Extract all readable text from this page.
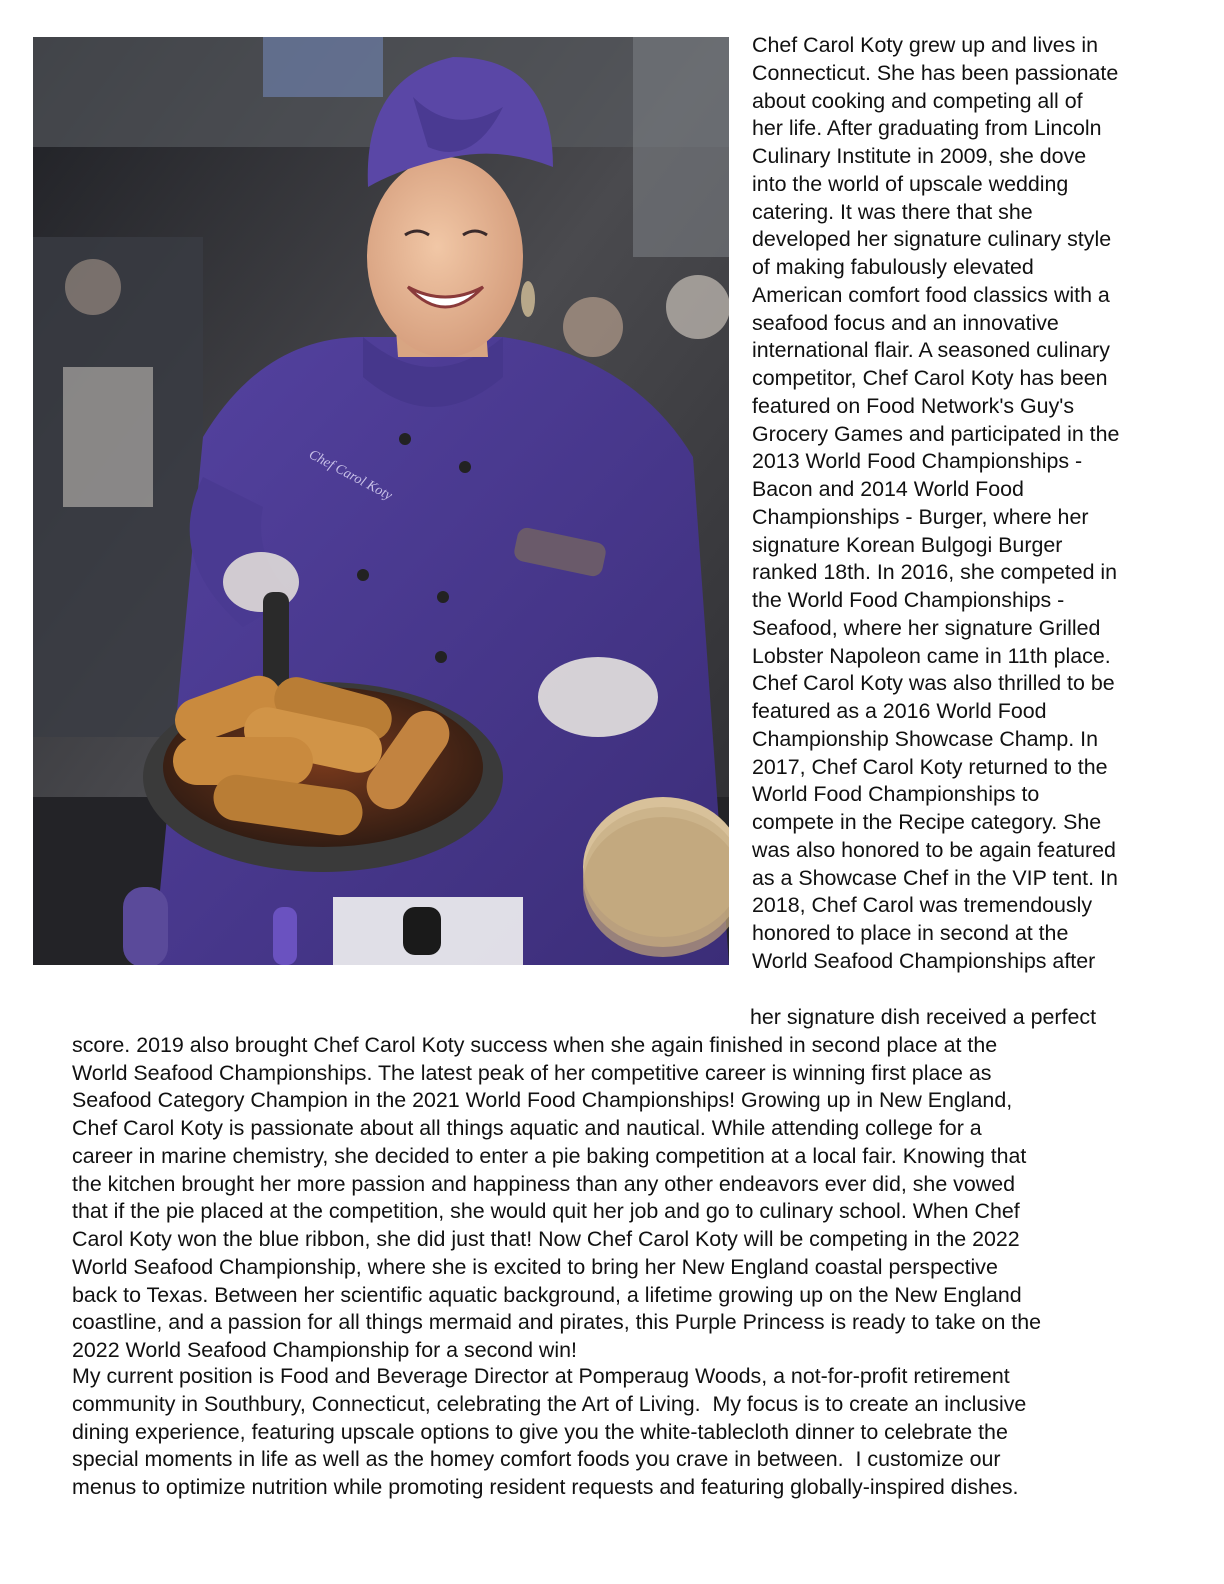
Chef Carol Koty

Chef Carol Koty grew up and lives in
Connecticut. She has been passionate
about cooking and competing all of
her life. After graduating from Lincoln
Culinary Institute in 2009, she dove
into the world of upscale wedding
catering. It was there that she
developed her signature culinary style
of making fabulously elevated
American comfort food classics with a
seafood focus and an innovative
international flair. A seasoned culinary
competitor, Chef Carol Koty has been
featured on Food Network's Guy's
Grocery Games and participated in the
2013 World Food Championships -
Bacon and 2014 World Food
Championships - Burger, where her
signature Korean Bulgogi Burger
ranked 18th. In 2016, she competed in
the World Food Championships -
Seafood, where her signature Grilled
Lobster Napoleon came in 11th place.
Chef Carol Koty was also thrilled to be
featured as a 2016 World Food
Championship Showcase Champ. In
2017, Chef Carol Koty returned to the
World Food Championships to
compete in the Recipe category. She
was also honored to be again featured
as a Showcase Chef in the VIP tent. In
2018, Chef Carol was tremendously
honored to place in second at the
World Seafood Championships after

her signature dish received a perfect
score. 2019 also brought Chef Carol Koty success when she again finished in second place at the
World Seafood Championships. The latest peak of her competitive career is winning first place as
Seafood Category Champion in the 2021 World Food Championships! Growing up in New England,
Chef Carol Koty is passionate about all things aquatic and nautical. While attending college for a
career in marine chemistry, she decided to enter a pie baking competition at a local fair. Knowing that
the kitchen brought her more passion and happiness than any other endeavors ever did, she vowed
that if the pie placed at the competition, she would quit her job and go to culinary school. When Chef
Carol Koty won the blue ribbon, she did just that! Now Chef Carol Koty will be competing in the 2022
World Seafood Championship, where she is excited to bring her New England coastal perspective
back to Texas. Between her scientific aquatic background, a lifetime growing up on the New England
coastline, and a passion for all things mermaid and pirates, this Purple Princess is ready to take on the
2022 World Seafood Championship for a second win!

My current position is Food and Beverage Director at Pomperaug Woods, a not-for-profit retirement
community in Southbury, Connecticut, celebrating the Art of Living.  My focus is to create an inclusive
dining experience, featuring upscale options to give you the white-tablecloth dinner to celebrate the
special moments in life as well as the homey comfort foods you crave in between.  I customize our
menus to optimize nutrition while promoting resident requests and featuring globally-inspired dishes.
